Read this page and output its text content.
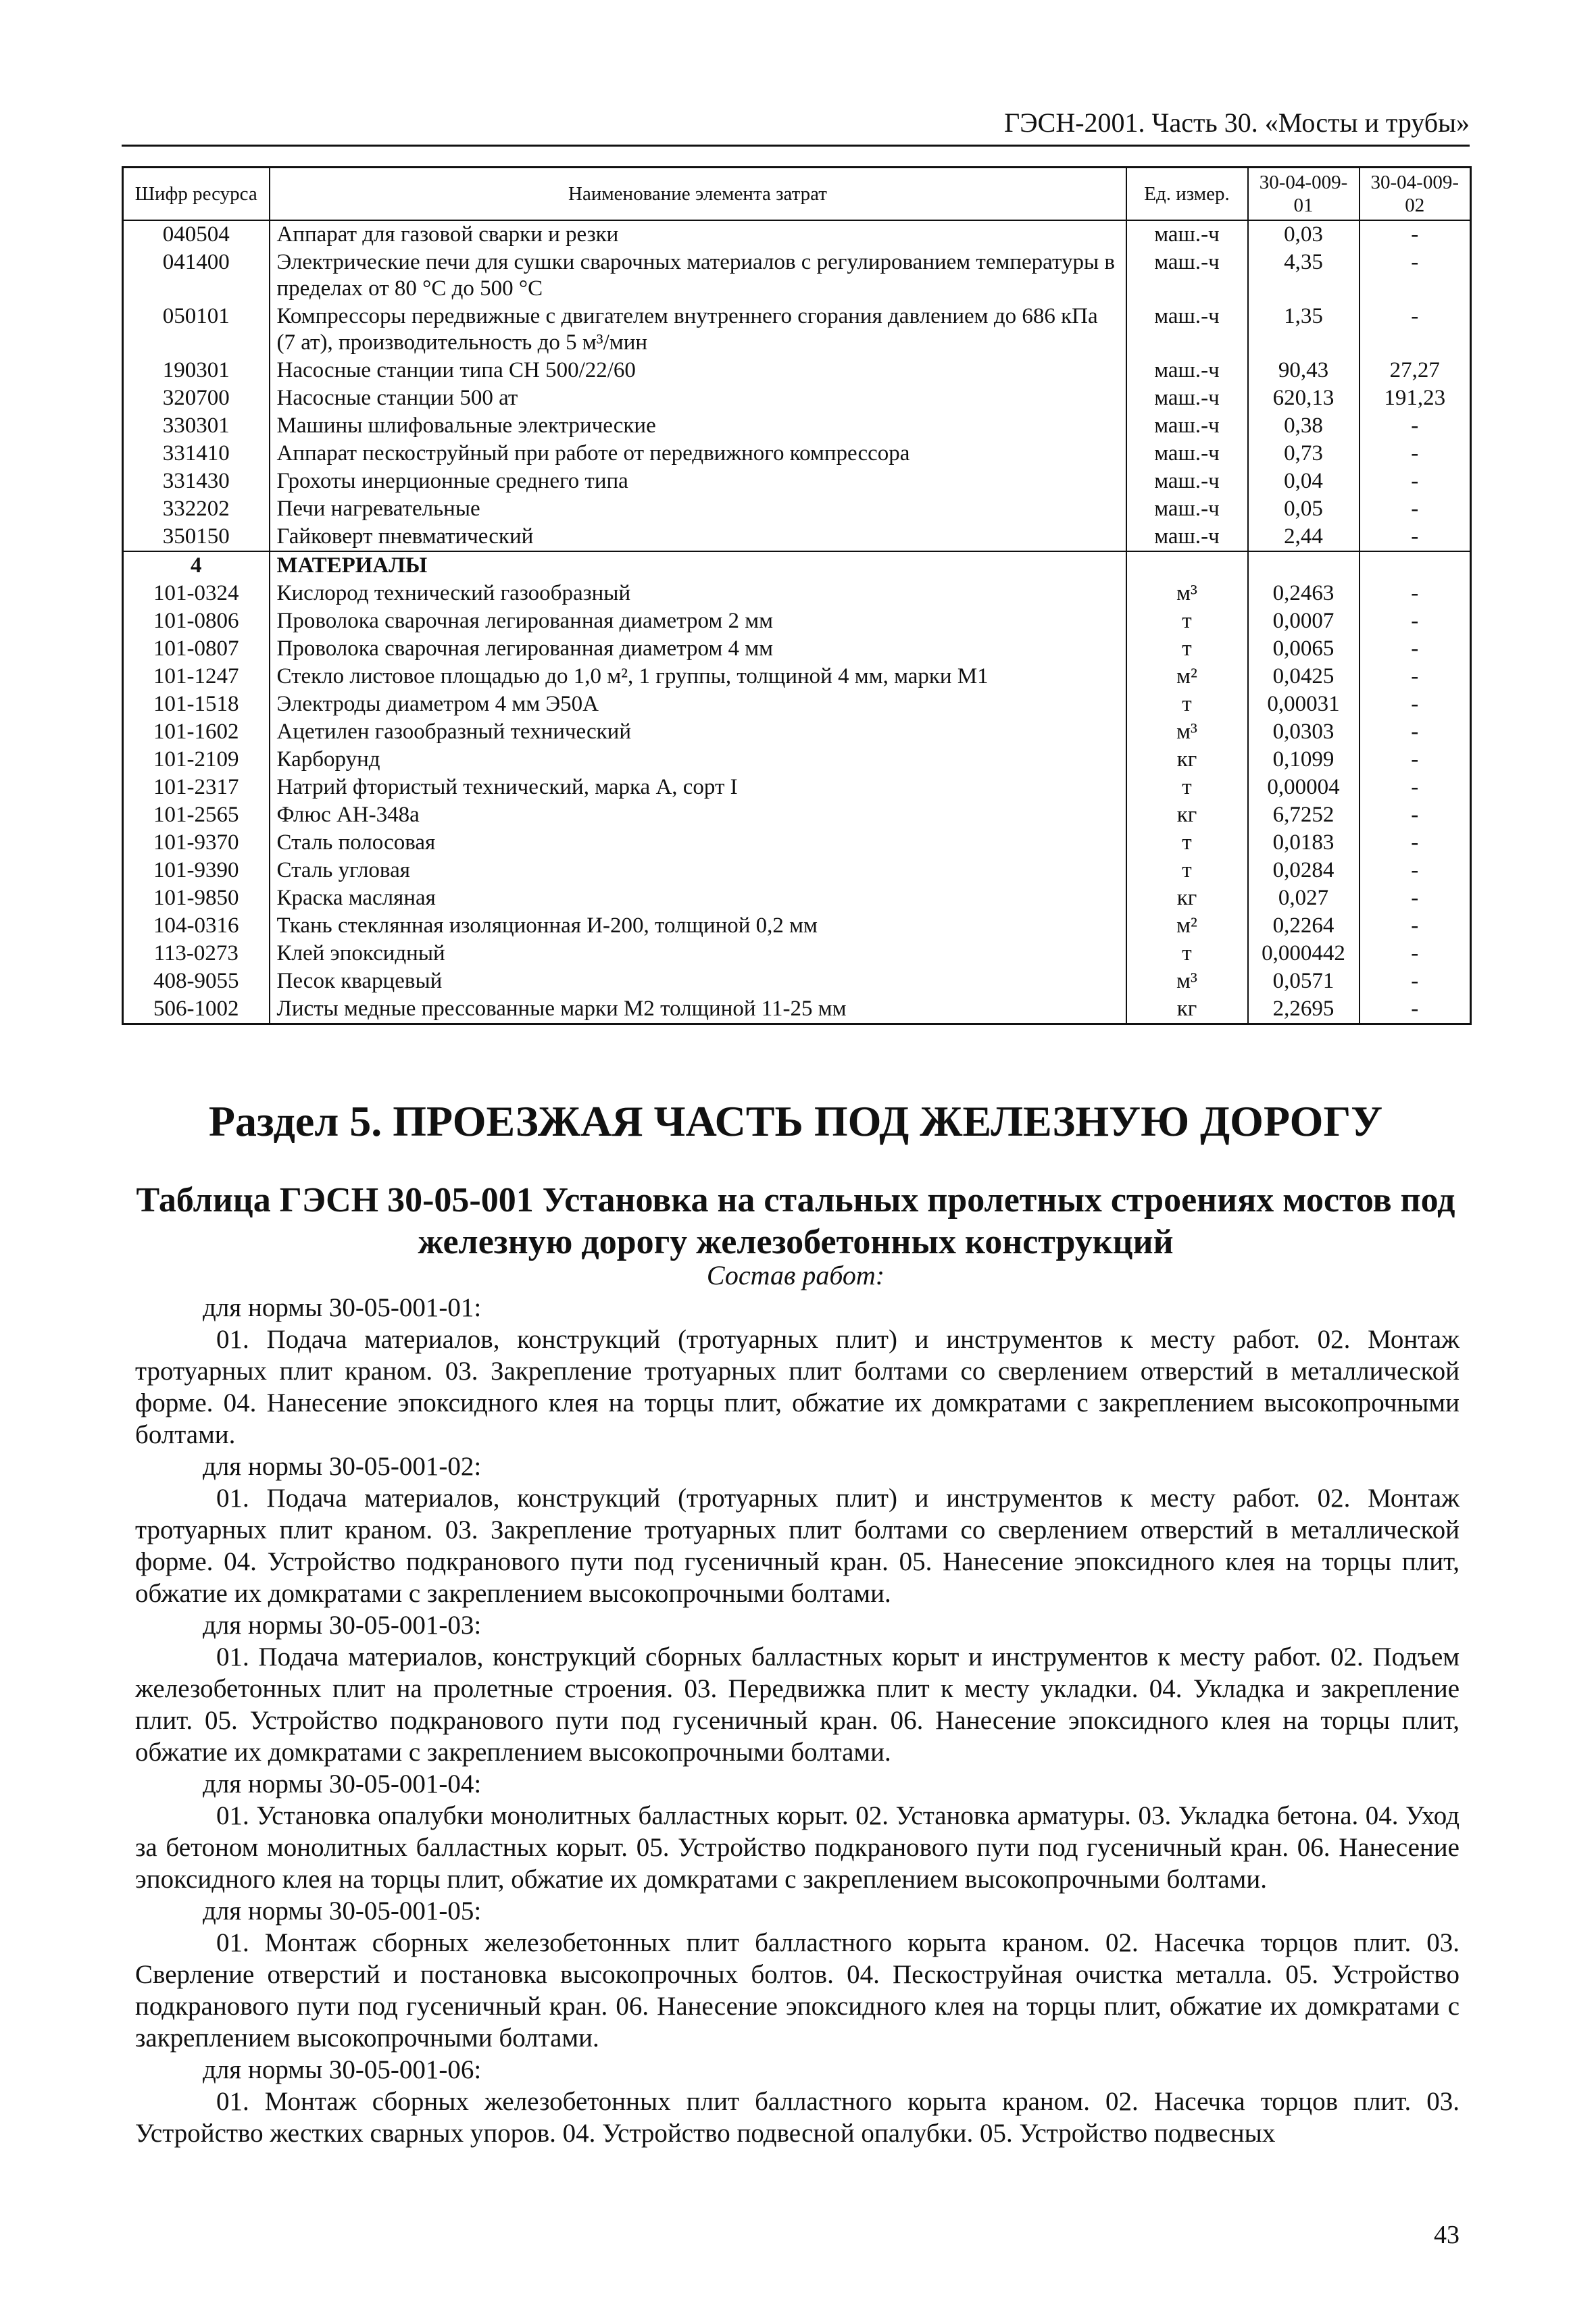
ГЭСН-2001. Часть 30. «Мосты и трубы»
Шифр ресурса	Наименование элемента затрат	Ед. измер.	30-04-009-01	30-04-009-02
040504	Аппарат для газовой сварки и резки	маш.-ч	0,03	-
041400	Электрические печи для сушки сварочных материалов с регулированием температуры в пределах от 80 °С до 500 °С	маш.-ч	4,35	-
050101	Компрессоры передвижные с двигателем внутреннего сгорания давлением до 686 кПа (7 ат), производительность до 5 м³/мин	маш.-ч	1,35	-
190301	Насосные станции типа СН 500/22/60	маш.-ч	90,43	27,27
320700	Насосные станции 500 ат	маш.-ч	620,13	191,23
330301	Машины шлифовальные электрические	маш.-ч	0,38	-
331410	Аппарат пескоструйный при работе от передвижного компрессора	маш.-ч	0,73	-
331430	Грохоты инерционные среднего типа	маш.-ч	0,04	-
332202	Печи нагревательные	маш.-ч	0,05	-
350150	Гайковерт пневматический	маш.-ч	2,44	-
4	МАТЕРИАЛЫ			
101-0324	Кислород технический газообразный	м³	0,2463	-
101-0806	Проволока сварочная легированная диаметром 2 мм	т	0,0007	-
101-0807	Проволока сварочная легированная диаметром 4 мм	т	0,0065	-
101-1247	Стекло листовое площадью до 1,0 м², 1 группы, толщиной 4 мм, марки М1	м²	0,0425	-
101-1518	Электроды диаметром 4 мм Э50А	т	0,00031	-
101-1602	Ацетилен газообразный технический	м³	0,0303	-
101-2109	Карборунд	кг	0,1099	-
101-2317	Натрий фтористый технический, марка А, сорт I	т	0,00004	-
101-2565	Флюс АН-348а	кг	6,7252	-
101-9370	Сталь полосовая	т	0,0183	-
101-9390	Сталь угловая	т	0,0284	-
101-9850	Краска масляная	кг	0,027	-
104-0316	Ткань стеклянная изоляционная И-200, толщиной 0,2 мм	м²	0,2264	-
113-0273	Клей эпоксидный	т	0,000442	-
408-9055	Песок кварцевый	м³	0,0571	-
506-1002	Листы медные прессованные марки М2 толщиной 11-25 мм	кг	2,2695	-
Раздел 5. ПРОЕЗЖАЯ ЧАСТЬ ПОД ЖЕЛЕЗНУЮ ДОРОГУ
Таблица ГЭСН 30-05-001 Установка на стальных пролетных строениях мостов под
железную дорогу железобетонных конструкций
Состав работ:

для нормы 30-05-001-01:

01. Подача материалов, конструкций (тротуарных плит) и инструментов к месту работ. 02. Монтаж тротуарных плит краном. 03. Закрепление тротуарных плит болтами со сверлением отверстий в металлической форме. 04. Нанесение эпоксидного клея на торцы плит, обжатие их домкратами с закреплением высокопрочными болтами.

для нормы 30-05-001-02:

01. Подача материалов, конструкций (тротуарных плит) и инструментов к месту работ. 02. Монтаж тротуарных плит краном. 03. Закрепление тротуарных плит болтами со сверлением отверстий в металлической форме. 04. Устройство подкранового пути под гусеничный кран. 05. Нанесение эпоксидного клея на торцы плит, обжатие их домкратами с закреплением высокопрочными болтами.

для нормы 30-05-001-03:

01. Подача материалов, конструкций сборных балластных корыт и инструментов к месту работ. 02. Подъем железобетонных плит на пролетные строения. 03. Передвижка плит к месту укладки. 04. Укладка и закрепление плит. 05. Устройство подкранового пути под гусеничный кран. 06. Нанесение эпоксидного клея на торцы плит, обжатие их домкратами с закреплением высокопрочными болтами.

для нормы 30-05-001-04:

01. Установка опалубки монолитных балластных корыт. 02. Установка арматуры. 03. Укладка бетона. 04. Уход за бетоном монолитных балластных корыт. 05. Устройство подкранового пути под гусеничный кран. 06. Нанесение эпоксидного клея на торцы плит, обжатие их домкратами с закреплением высокопрочными болтами.

для нормы 30-05-001-05:

01. Монтаж сборных железобетонных плит балластного корыта краном. 02. Насечка торцов плит. 03. Сверление отверстий и постановка высокопрочных болтов. 04. Пескоструйная очистка металла. 05. Устройство подкранового пути под гусеничный кран. 06. Нанесение эпоксидного клея на торцы плит, обжатие их домкратами с закреплением высокопрочными болтами.

для нормы 30-05-001-06:

01. Монтаж сборных железобетонных плит балластного корыта краном. 02. Насечка торцов плит. 03. Устройство жестких сварных упоров. 04. Устройство подвесной опалубки. 05. Устройство подвесных

43
